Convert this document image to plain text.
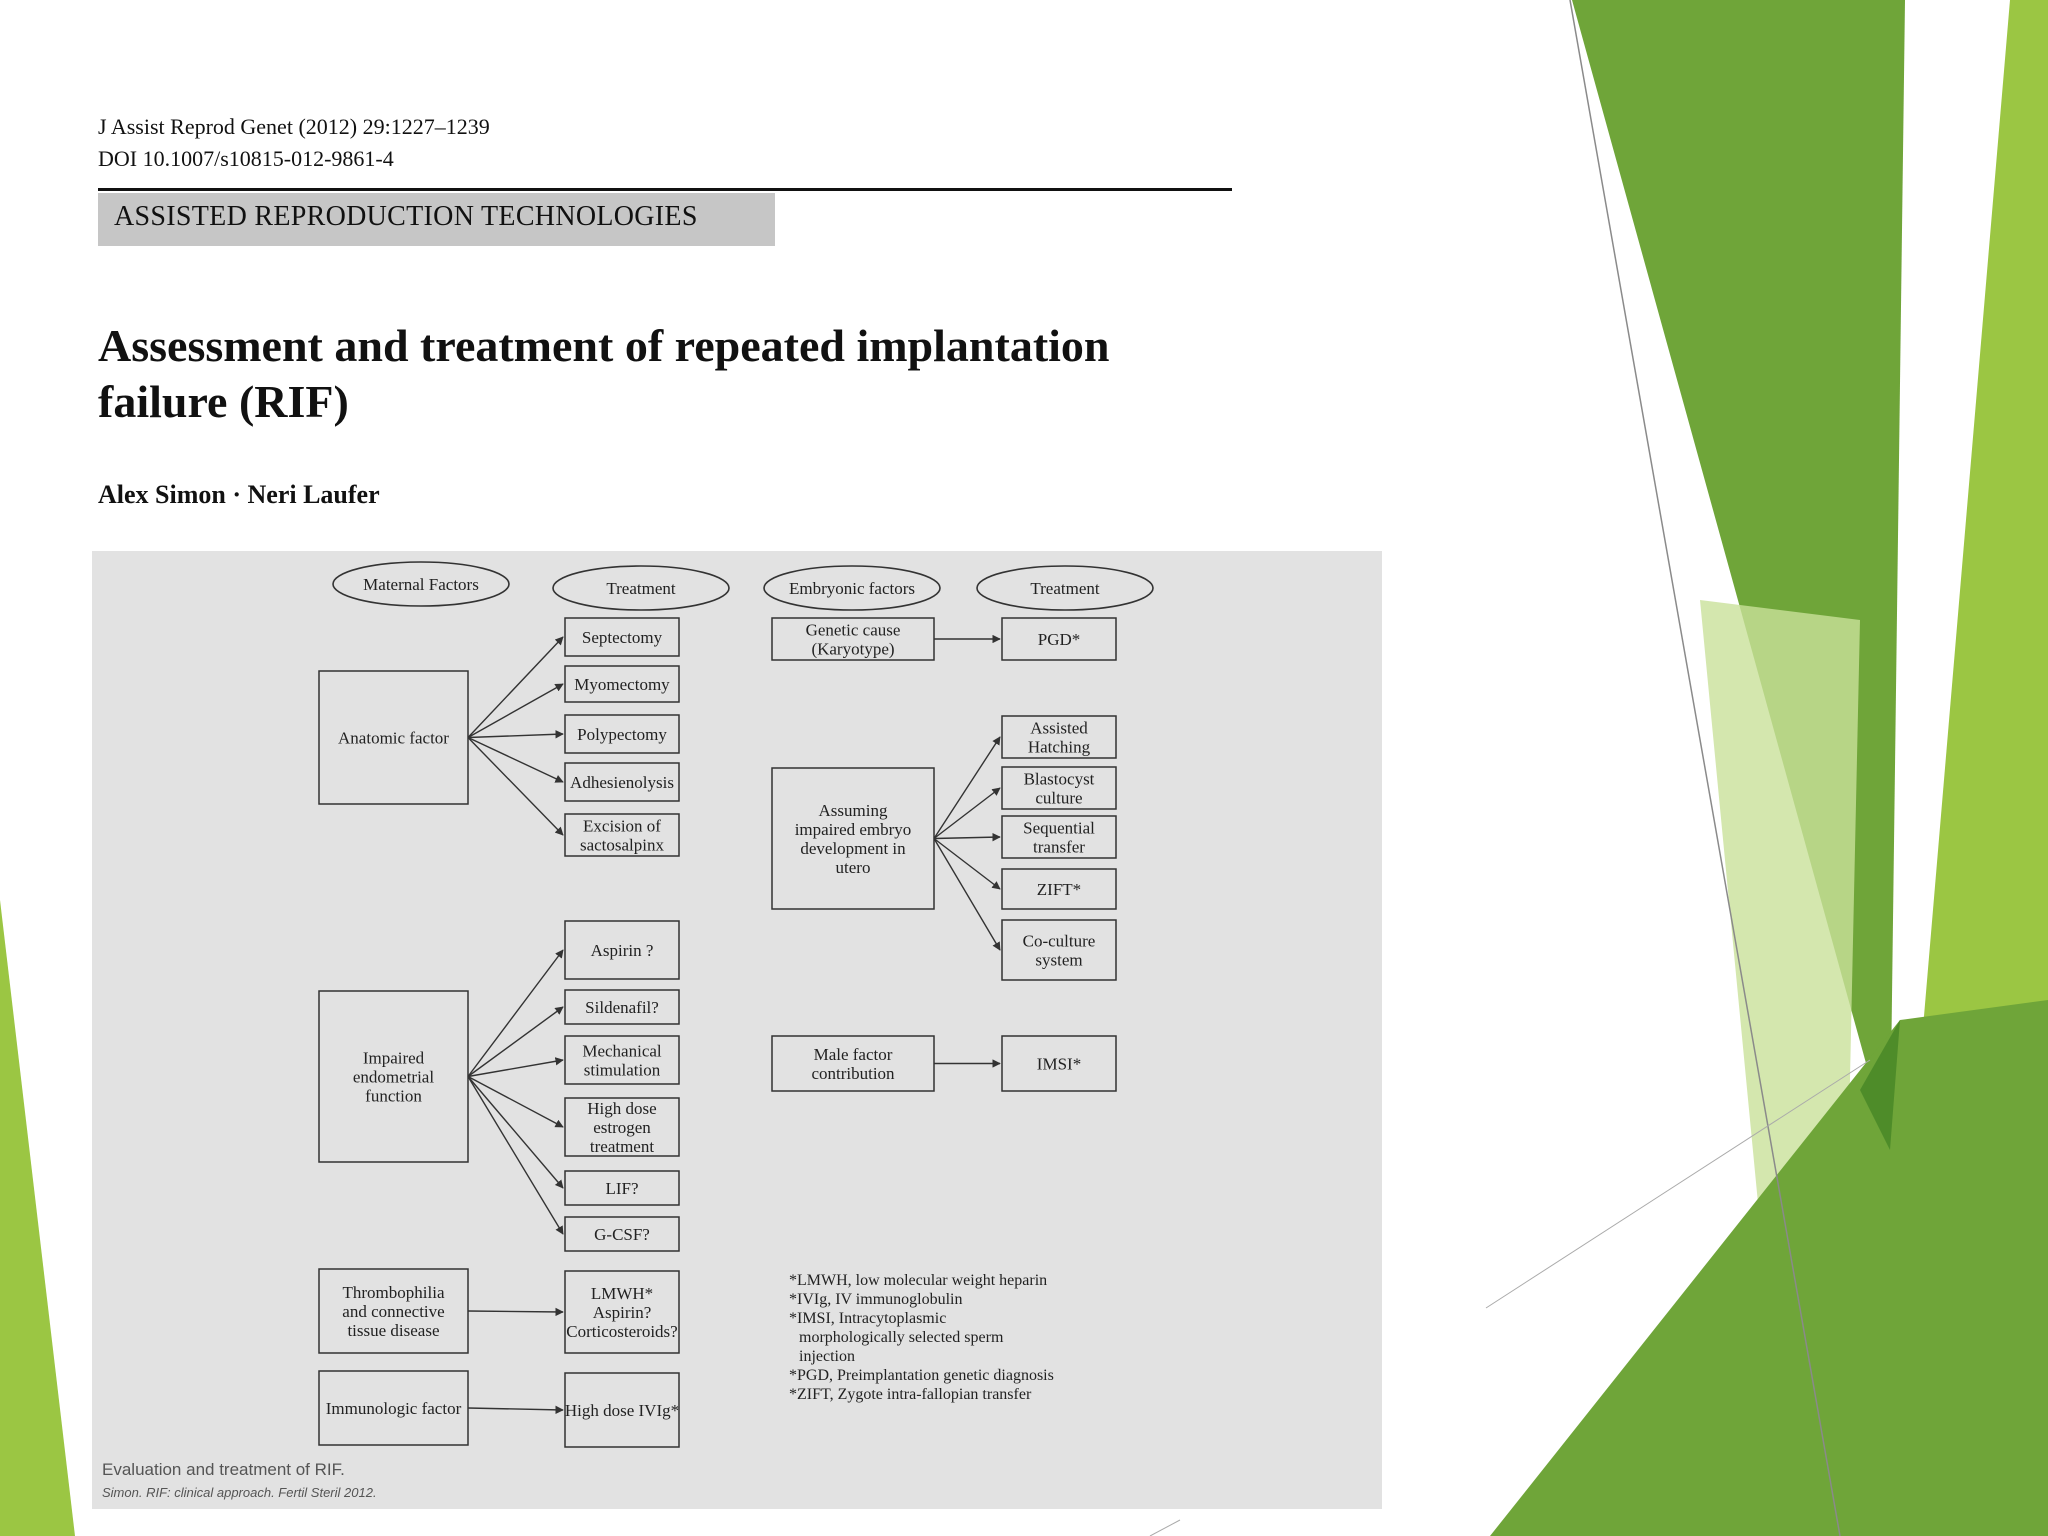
J Assist Reprod Genet (2012) 29:1227–1239
DOI 10.1007/s10815-012-9861-4
ASSISTED REPRODUCTION TECHNOLOGIES
Assessment and treatment of repeated implantation
failure (RIF)
Alex Simon · Neri Laufer
Maternal Factors	Treatment	Embryonic factors	Treatment
Anatomic factor
Septectomy
Myomectomy
Polypectomy
Adhesienolysis
Excision of
sactosalpinx
Impaired
endometrial
function
Aspirin ?
Sildenafil?
Mechanical
stimulation
High dose
estrogen
treatment
LIF?
G-CSF?
Thrombophilia
and connective
tissue disease
LMWH*
Aspirin?
Corticosteroids?
Immunologic factor	High dose IVIg*
Genetic cause
(Karyotype)	PGD*
Assuming
impaired embryo
development in
utero
Assisted
Hatching
Blastocyst
culture
Sequential
transfer
ZIFT*
Co-culture
system
Male factor
contribution	IMSI*
*LMWH, low molecular weight heparin
*IVIg, IV immunoglobulin
*IMSI, Intracytoplasmic
morphologically selected sperm
injection
*PGD, Preimplantation genetic diagnosis
*ZIFT, Zygote intra-fallopian transfer
Evaluation and treatment of RIF.
Simon. RIF: clinical approach. Fertil Steril 2012.
